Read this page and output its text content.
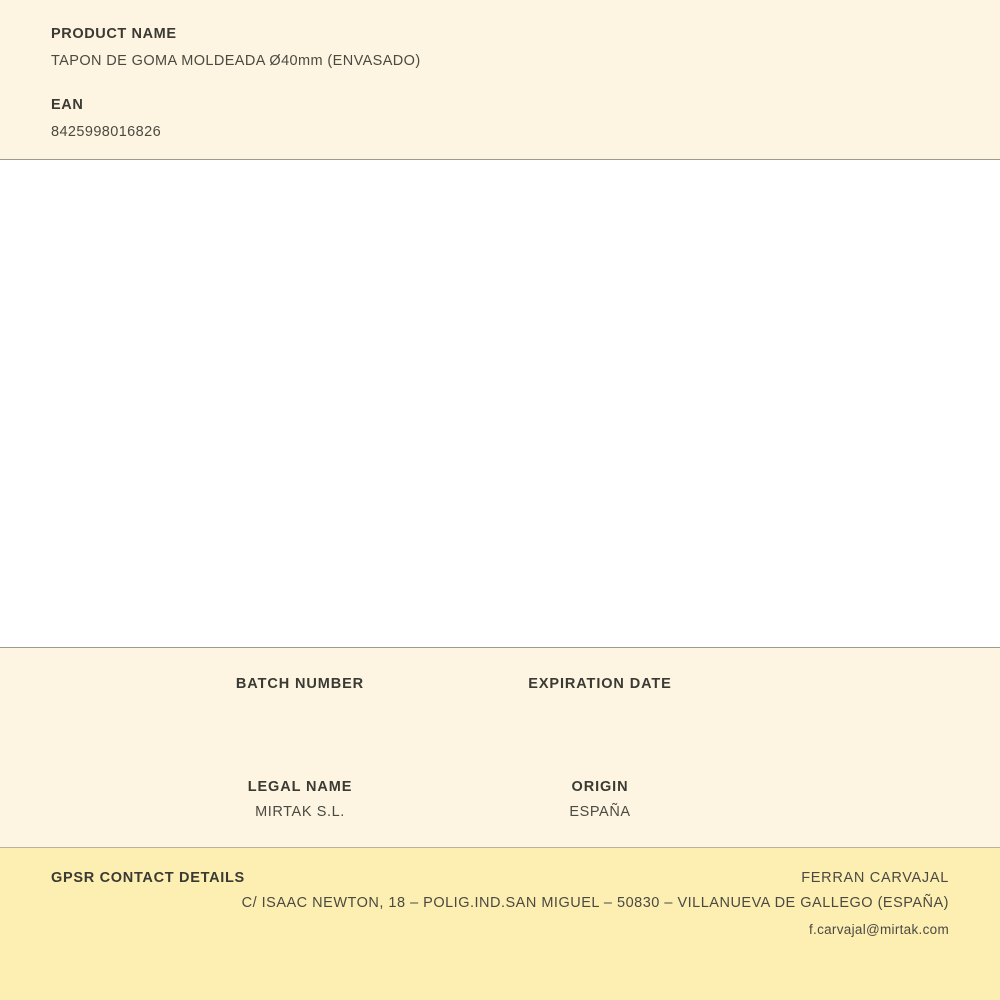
PRODUCT NAME
TAPON DE GOMA MOLDEADA Ø40mm (ENVASADO)
EAN
8425998016826
BATCH NUMBER	EXPIRATION DATE
LEGAL NAME
MIRTAK S.L.
ORIGIN
ESPAÑA
GPSR CONTACT DETAILS	FERRAN CARVAJAL
C/ ISAAC NEWTON, 18 – POLIG.IND.SAN MIGUEL – 50830 – VILLANUEVA DE GALLEGO (ESPAÑA)
f.carvajal@mirtak.com
